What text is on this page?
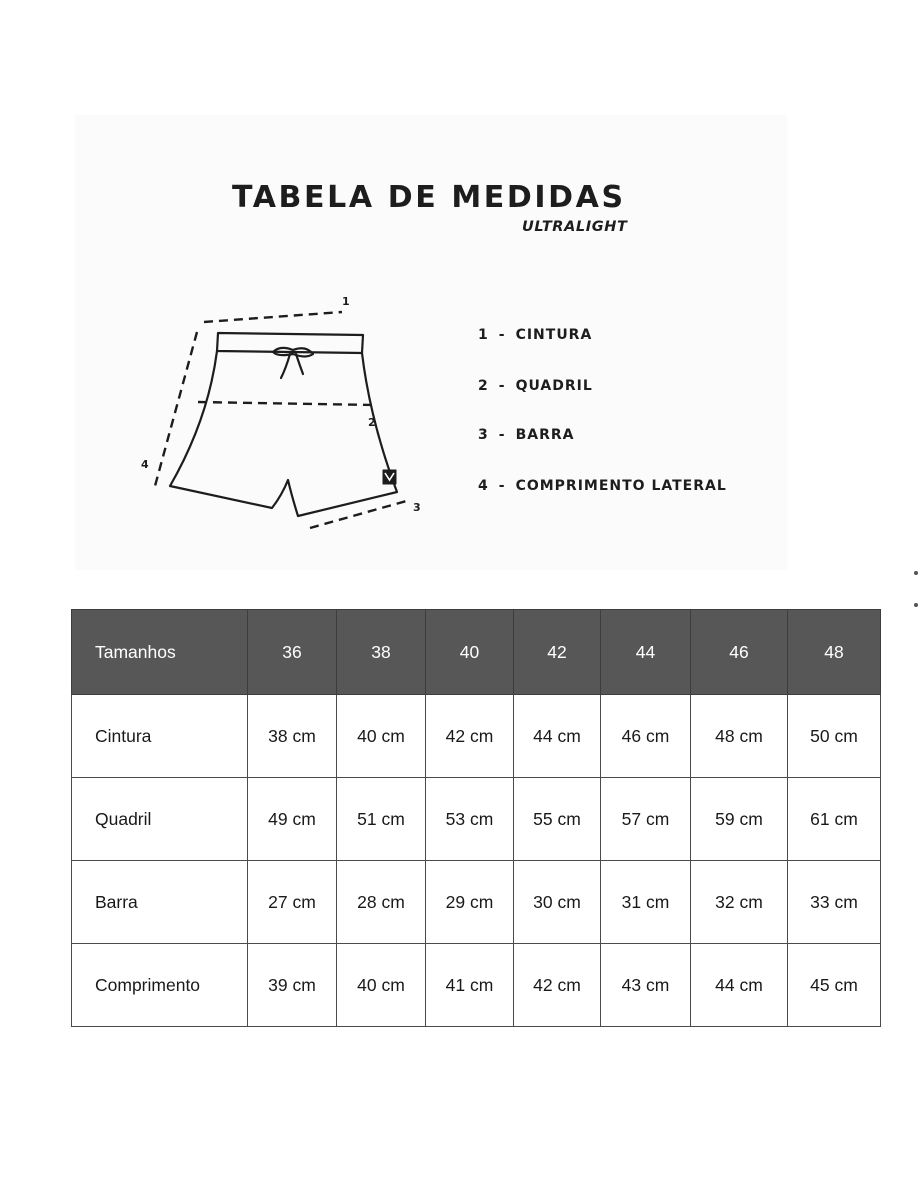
TABELA DE MEDIDAS
ULTRALIGHT
1
2
3
4
1 - CINTURA
2 - QUADRIL
3 - BARRA
4 - COMPRIMENTO LATERAL
Tamanhos	36	38	40	42	44	46	48
Cintura	38 cm	40 cm	42 cm	44 cm	46 cm	48 cm	50 cm
Quadril	49 cm	51 cm	53 cm	55 cm	57 cm	59 cm	61 cm
Barra	27 cm	28 cm	29 cm	30 cm	31 cm	32 cm	33 cm
Comprimento	39 cm	40 cm	41 cm	42 cm	43 cm	44 cm	45 cm
